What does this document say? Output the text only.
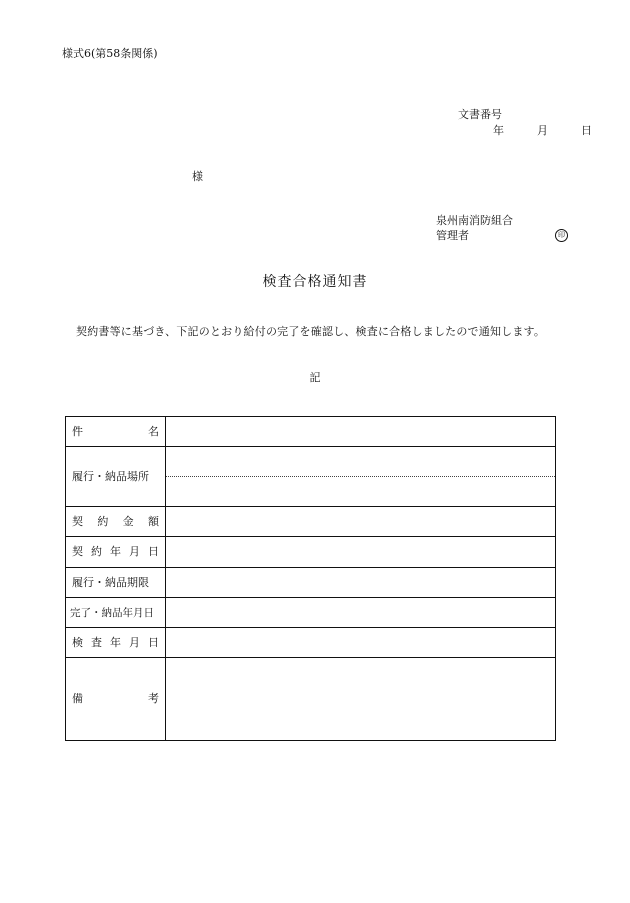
様式6(第58条関係)
文書番号
年	月	日
様
泉州南消防組合
管理者	印
検査合格通知書
契約書等に基づき、下記のとおり給付の完了を確認し、検査に合格しましたので通知します。
記
件 名	

履行・納品場所	

契 約 金 額	

契 約 年 月 日	

履行・納品期限	
完了・納品年月日	

検 査 年 月 日	

備 考	
